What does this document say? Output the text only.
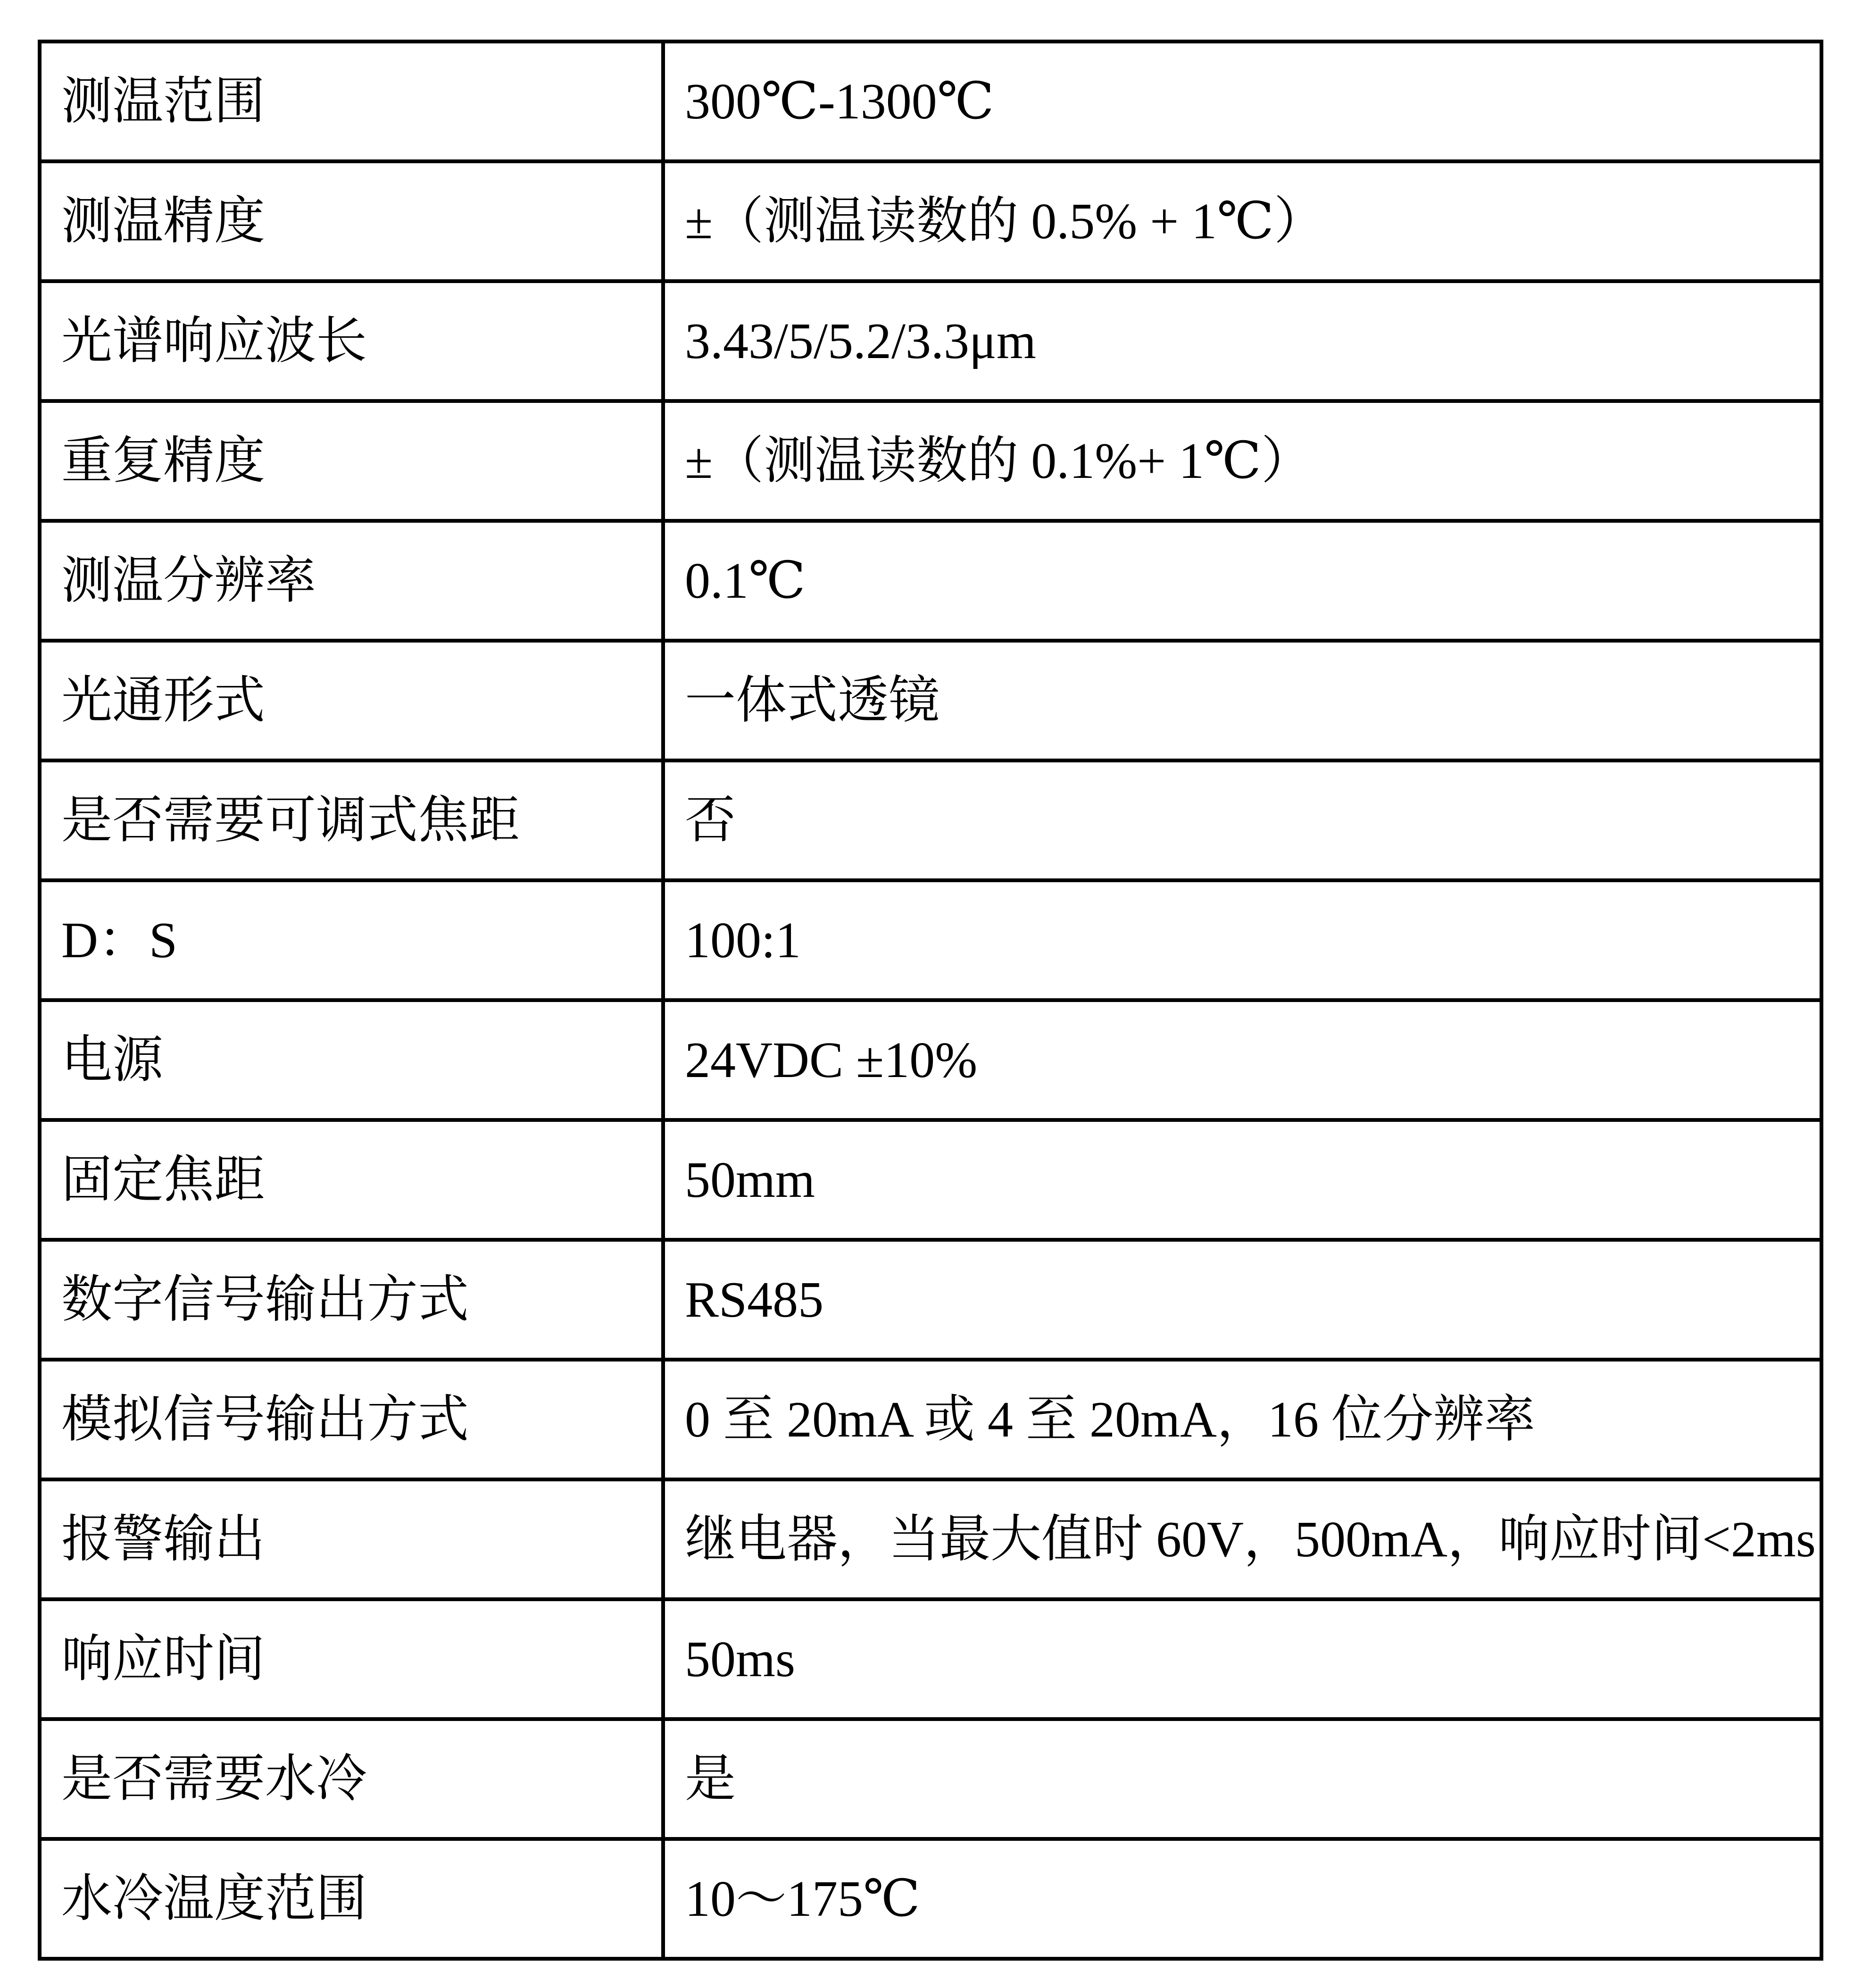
测温范围	300℃-1300℃
测温精度	±（测温读数的 0.5% + 1℃）
光谱响应波长	3.43/5/5.2/3.3μm
重复精度	±（测温读数的 0.1%+ 1℃）
测温分辨率	0.1℃
光通形式	一体式透镜
是否需要可调式焦距	否
D：S	100:1
电源	24VDC ±10%
固定焦距	50mm
数字信号输出方式	RS485
模拟信号输出方式	0 至 20mA 或 4 至 20mA，16 位分辨率
报警输出	继电器，当最大值时 60V，500mA，响应时间<2ms
响应时间	50ms
是否需要水冷	是
水冷温度范围	10～175℃
